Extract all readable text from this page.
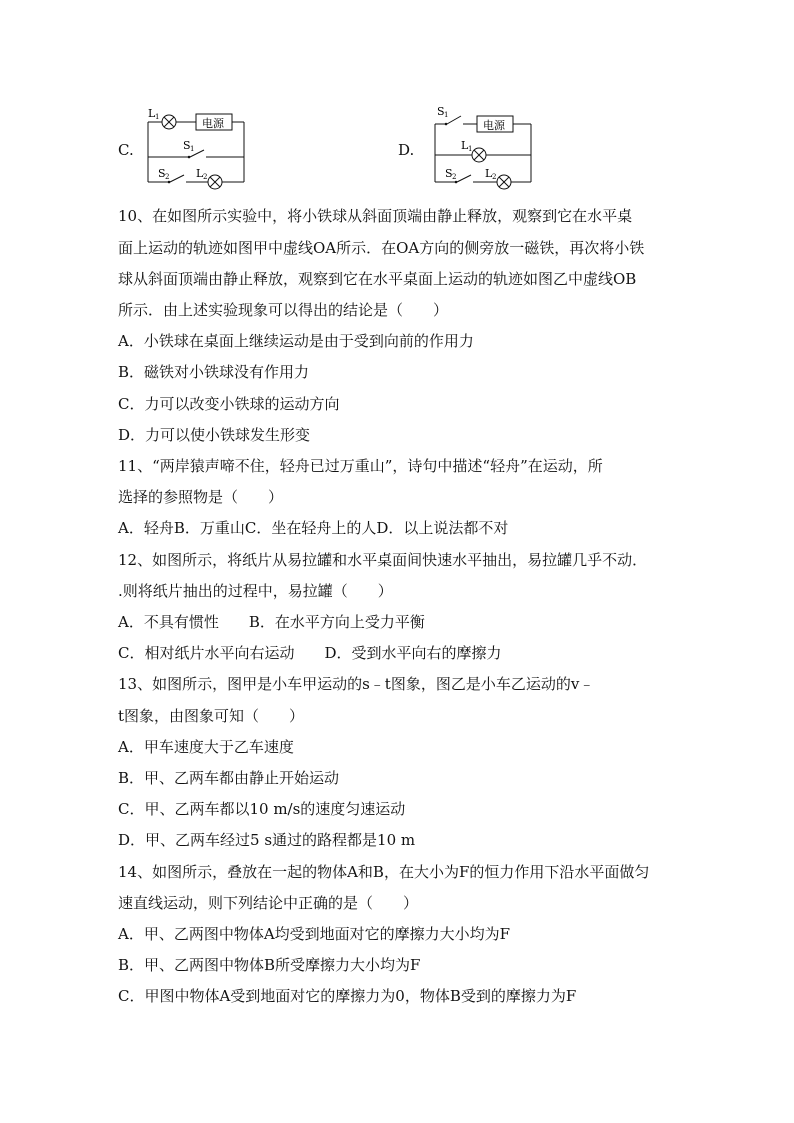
C.
电源
L 1
S 1
S 2 L 2
D.
电源
S 1
L 1
S 2	L 2
10、在如图所示实验中，将小铁球从斜面顶端由静止释放，观察到它在水平桌
面上运动的轨迹如图甲中虚线OA所示．在OA方向的侧旁放一磁铁，再次将小铁
球从斜面顶端由静止释放，观察到它在水平桌面上运动的轨迹如图乙中虚线OB
所示．由上述实验现象可以得出的结论是（　　）
A．小铁球在桌面上继续运动是由于受到向前的作用力
B．磁铁对小铁球没有作用力
C．力可以改变小铁球的运动方向
D．力可以使小铁球发生形变
11、“两岸猿声啼不住，轻舟已过万重山”，诗句中描述“轻舟”在运动，所
选择的参照物是（　　）
A．轻舟B．万重山C．坐在轻舟上的人D．以上说法都不对
12、如图所示，将纸片从易拉罐和水平桌面间快速水平抽出，易拉罐几乎不动．
.则将纸片抽出的过程中，易拉罐（　　）
A．不具有惯性　　B．在水平方向上受力平衡
C．相对纸片水平向右运动　　D．受到水平向右的摩擦力
13、如图所示，图甲是小车甲运动的s﹣t图象，图乙是小车乙运动的v﹣
t图象，由图象可知（　　）
A．甲车速度大于乙车速度
B．甲、乙两车都由静止开始运动
C．甲、乙两车都以10 m/s的速度匀速运动
D．甲、乙两车经过5 s通过的路程都是10 m
14、如图所示，叠放在一起的物体A和B，在大小为F的恒力作用下沿水平面做匀
速直线运动，则下列结论中正确的是（　　）
A．甲、乙两图中物体A均受到地面对它的摩擦力大小均为F
B．甲、乙两图中物体B所受摩擦力大小均为F
C．甲图中物体A受到地面对它的摩擦力为0，物体B受到的摩擦力为F
